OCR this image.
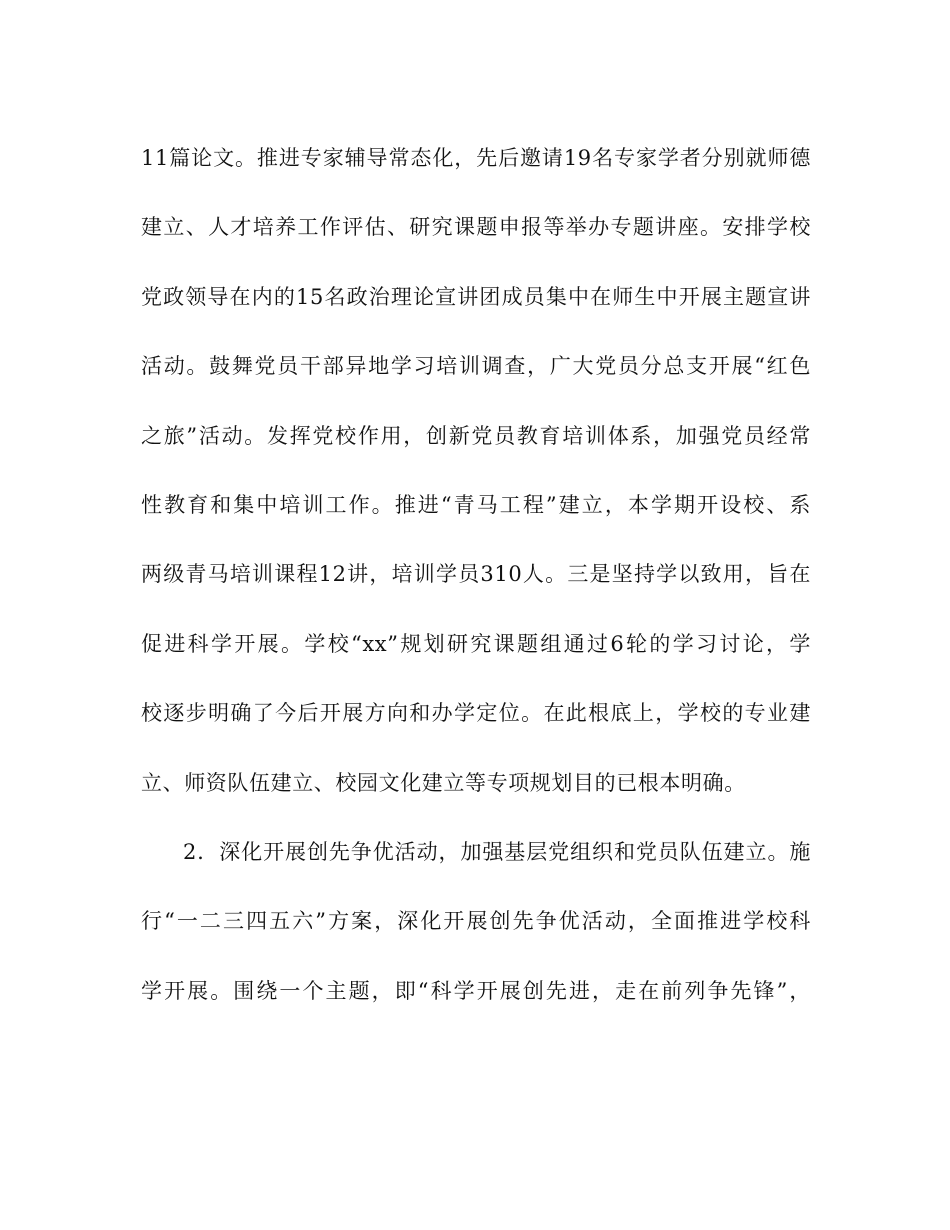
11篇论文。推进专家辅导常态化，先后邀请19名专家学者分别就师德
建立、人才培养工作评估、研究课题申报等举办专题讲座。安排学校
党政领导在内的15名政治理论宣讲团成员集中在师生中开展主题宣讲
活动。鼓舞党员干部异地学习培训调查，广大党员分总支开展“红色
之旅”活动。发挥党校作用，创新党员教育培训体系，加强党员经常
性教育和集中培训工作。推进“青马工程”建立，本学期开设校、系
两级青马培训课程12讲，培训学员310人。三是坚持学以致用，旨在
促进科学开展。学校“xx”规划研究课题组通过6轮的学习讨论，学
校逐步明确了今后开展方向和办学定位。在此根底上，学校的专业建
立、师资队伍建立、校园文化建立等专项规划目的已根本明确。
2．深化开展创先争优活动，加强基层党组织和党员队伍建立。施
行“一二三四五六”方案，深化开展创先争优活动，全面推进学校科
学开展。围绕一个主题，即“科学开展创先进，走在前列争先锋”，
